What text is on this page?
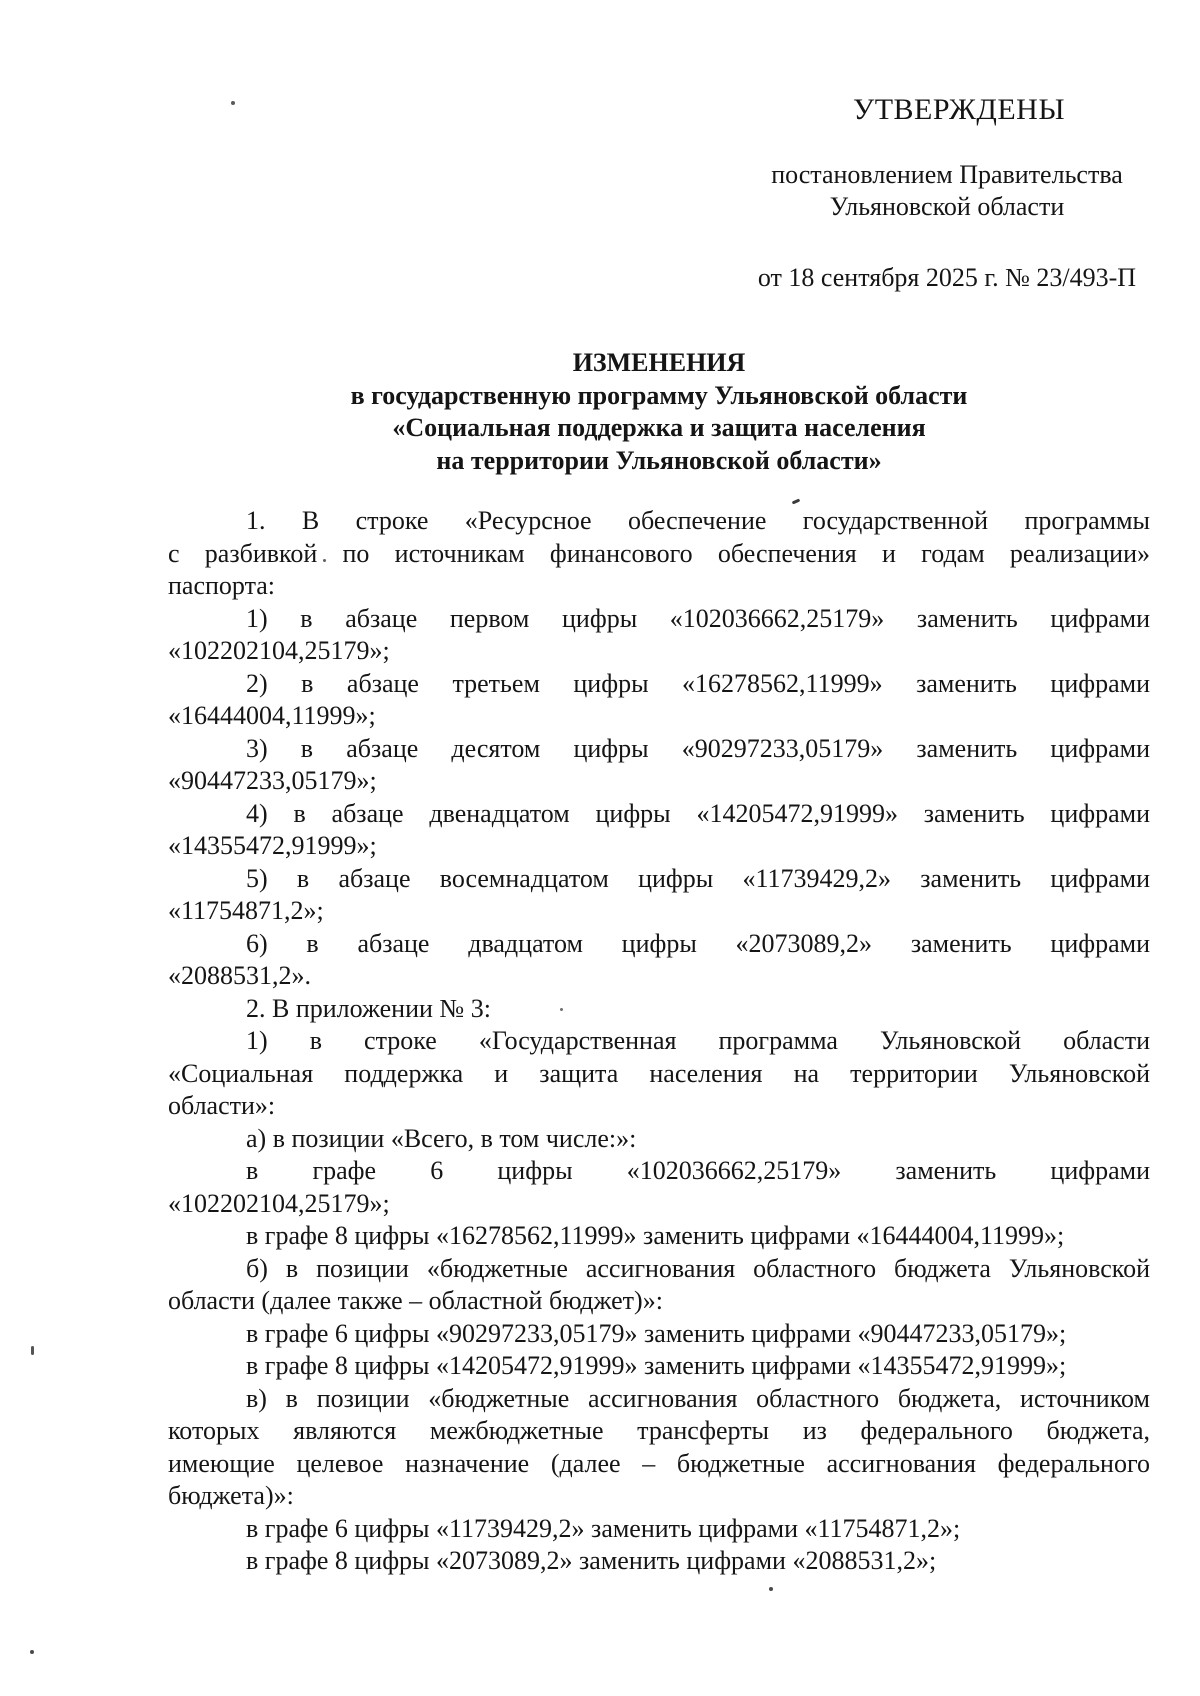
УТВЕРЖДЕНЫ
постановлением Правительства
Ульяновской области
от 18 сентября 2025 г. № 23/493-П
ИЗМЕНЕНИЯ
в государственную программу Ульяновской области
«Социальная поддержка и защита населения
на территории Ульяновской области»
1. В строке «Ресурсное обеспечение государственной программы
с разбивкой по источникам финансового обеспечения и годам реализации»
паспорта:
1) в абзаце первом цифры «102036662,25179» заменить цифрами
«102202104,25179»;
2) в абзаце третьем цифры «16278562,11999» заменить цифрами
«16444004,11999»;
3) в абзаце десятом цифры «90297233,05179» заменить цифрами
«90447233,05179»;
4) в абзаце двенадцатом цифры «14205472,91999» заменить цифрами
«14355472,91999»;
5) в абзаце восемнадцатом цифры «11739429,2» заменить цифрами
«11754871,2»;
6) в абзаце двадцатом цифры «2073089,2» заменить цифрами
«2088531,2».
2. В приложении № 3:
1) в строке «Государственная программа Ульяновской области
«Социальная поддержка и защита населения на территории Ульяновской
области»:
а) в позиции «Всего, в том числе:»:
в графе 6 цифры «102036662,25179» заменить цифрами
«102202104,25179»;
в графе 8 цифры «16278562,11999» заменить цифрами «16444004,11999»;
б) в позиции «бюджетные ассигнования областного бюджета Ульяновской
области (далее также – областной бюджет)»:
в графе 6 цифры «90297233,05179» заменить цифрами «90447233,05179»;
в графе 8 цифры «14205472,91999» заменить цифрами «14355472,91999»;
в) в позиции «бюджетные ассигнования областного бюджета, источником
которых являются межбюджетные трансферты из федерального бюджета,
имеющие целевое назначение (далее – бюджетные ассигнования федерального
бюджета)»:
в графе 6 цифры «11739429,2» заменить цифрами «11754871,2»;
в графе 8 цифры «2073089,2» заменить цифрами «2088531,2»;
